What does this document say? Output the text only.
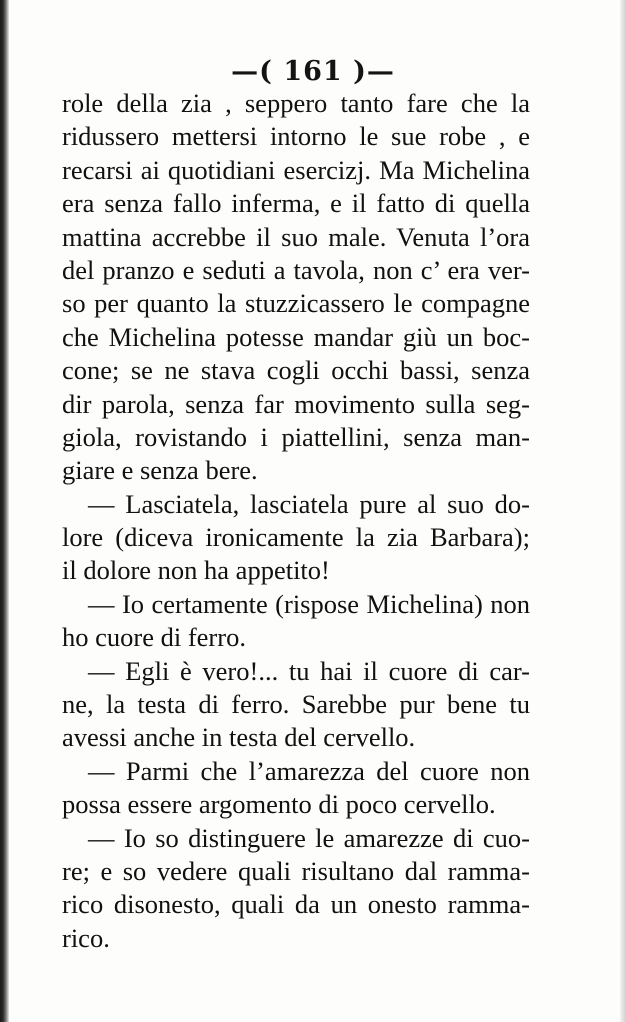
—( 161 )—
role della zia , seppero tanto fare che la
ridussero mettersi intorno le sue robe , e
recarsi ai quotidiani esercizj. Ma Michelina
era senza fallo inferma, e il fatto di quella
mattina accrebbe il suo male. Venuta l’ora
del pranzo e seduti a tavola, non c’ era ver-
so per quanto la stuzzicassero le compagne
che Michelina potesse mandar giù un boc-
cone; se ne stava cogli occhi bassi, senza
dir parola, senza far movimento sulla seg-
giola, rovistando i piattellini, senza man-
giare e senza bere.
— Lasciatela, lasciatela pure al suo do-
lore (diceva ironicamente la zia Barbara);
il dolore non ha appetito!
— Io certamente (rispose Michelina) non
ho cuore di ferro.
— Egli è vero!... tu hai il cuore di car-
ne, la testa di ferro. Sarebbe pur bene tu
avessi anche in testa del cervello.
— Parmi che l’amarezza del cuore non
possa essere argomento di poco cervello.
— Io so distinguere le amarezze di cuo-
re; e so vedere quali risultano dal ramma-
rico disonesto, quali da un onesto ramma-
rico.
